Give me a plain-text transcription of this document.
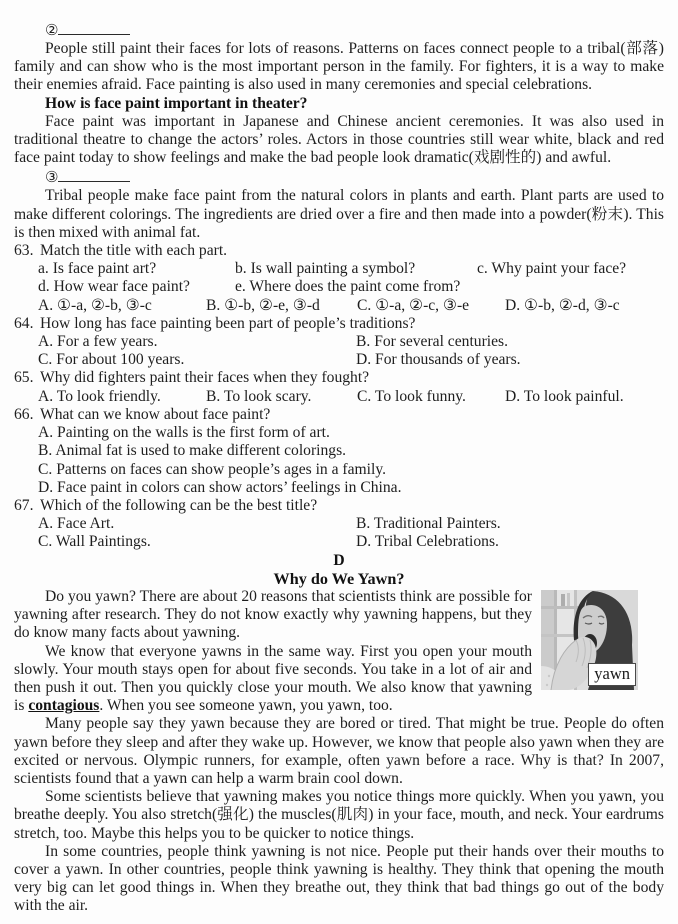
②

People still paint their faces for lots of reasons. Patterns on faces connect people to a tribal(部落) family and can show who is the most important person in the family. For fighters, it is a way to make their enemies afraid. Face painting is also used in many ceremonies and special celebrations.

How is face paint important in theater?

Face paint was important in Japanese and Chinese ancient ceremonies. It was also used in traditional theatre to change the actors’ roles. Actors in those countries still wear white, black and red face paint today to show feelings and make the bad people look dramatic(戏剧性的) and awful.

③

Tribal people make face paint from the natural colors in plants and earth. Plant parts are used to make different colorings. The ingredients are dried over a fire and then made into a powder(粉末). This is then mixed with animal fat.

63. Match the title with each part.
a. Is face paint art?	b. Is wall painting a symbol?	c. Why paint your face?
d. How wear face paint?	e. Where does the paint come from?
A. ①-a, ②-b, ③-c	B. ①-b, ②-e, ③-d	C. ①-a, ②-c, ③-e	D. ①-b, ②-d, ③-c
64. How long has face painting been part of people’s traditions?
A. For a few years.	B. For several centuries.
C. For about 100 years.	D. For thousands of years.
65. Why did fighters paint their faces when they fought?
A. To look friendly.	B. To look scary.	C. To look funny.	D. To look painful.
66. What can we know about face paint?
A. Painting on the walls is the first form of art.
B. Animal fat is used to make different colorings.
C. Patterns on faces can show people’s ages in a family.
D. Face paint in colors can show actors’ feelings in China.
67. Which of the following can be the best title?
A. Face Art.	B. Traditional Painters.
C. Wall Paintings.	D. Tribal Celebrations.
D
Why do We Yawn?
yawn

Do you yawn? There are about 20 reasons that scientists think are possible for yawning after research. They do not know exactly why yawning happens, but they do know many facts about yawning.

We know that everyone yawns in the same way. First you open your mouth slowly. Your mouth stays open for about five seconds. You take in a lot of air and then push it out. Then you quickly close your mouth. We also know that yawning is contagious. When you see someone yawn, you yawn, too.

Many people say they yawn because they are bored or tired. That might be true. People do often yawn before they sleep and after they wake up. However, we know that people also yawn when they are excited or nervous. Olympic runners, for example, often yawn before a race. Why is that? In 2007, scientists found that a yawn can help a warm brain cool down.

Some scientists believe that yawning makes you notice things more quickly. When you yawn, you breathe deeply. You also stretch(强化) the muscles(肌肉) in your face, mouth, and neck. Your eardrums stretch, too. Maybe this helps you to be quicker to notice things.

In some countries, people think yawning is not nice. People put their hands over their mouths to cover a yawn. In other countries, people think yawning is healthy. They think that opening the mouth very big can let good things in. When they breathe out, they think that bad things go out of the body with the air.
